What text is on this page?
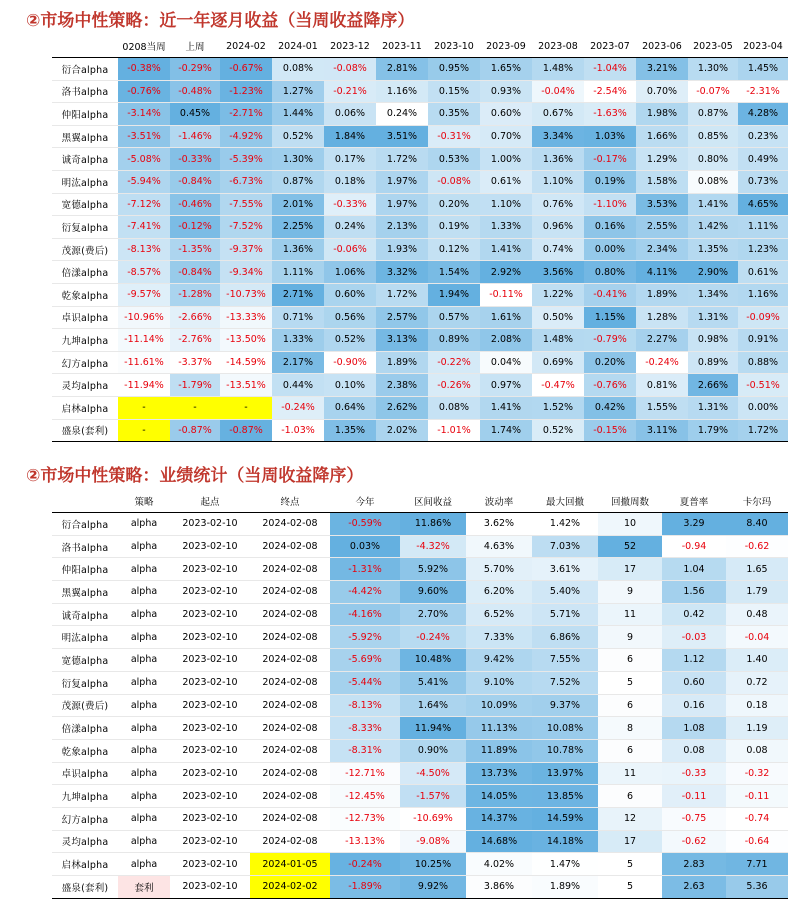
②市场中性策略：近一年逐月收益（当周收益降序）
	0208当周	上周	2024-02	2024-01	2023-12	2023-11	2023-10	2023-09	2023-08	2023-07	2023-06	2023-05	2023-04
衍合alpha	-0.38%	-0.29%	-0.67%	0.08%	-0.08%	2.81%	0.95%	1.65%	1.48%	-1.04%	3.21%	1.30%	1.45%
洛书alpha	-0.76%	-0.48%	-1.23%	1.27%	-0.21%	1.16%	0.15%	0.93%	-0.04%	-2.54%	0.70%	-0.07%	-2.31%
仲阳alpha	-3.14%	0.45%	-2.71%	1.44%	0.06%	0.24%	0.35%	0.60%	0.67%	-1.63%	1.98%	0.87%	4.28%
黑翼alpha	-3.51%	-1.46%	-4.92%	0.52%	1.84%	3.51%	-0.31%	0.70%	3.34%	1.03%	1.66%	0.85%	0.23%
诚奇alpha	-5.08%	-0.33%	-5.39%	1.30%	0.17%	1.72%	0.53%	1.00%	1.36%	-0.17%	1.29%	0.80%	0.49%
明汯alpha	-5.94%	-0.84%	-6.73%	0.87%	0.18%	1.97%	-0.08%	0.61%	1.10%	0.19%	1.58%	0.08%	0.73%
宽德alpha	-7.12%	-0.46%	-7.55%	2.01%	-0.33%	1.97%	0.20%	1.10%	0.76%	-1.10%	3.53%	1.41%	4.65%
衍复alpha	-7.41%	-0.12%	-7.52%	2.25%	0.24%	2.13%	0.19%	1.33%	0.96%	0.16%	2.55%	1.42%	1.11%
茂源(费后)	-8.13%	-1.35%	-9.37%	1.36%	-0.06%	1.93%	0.12%	1.41%	0.74%	0.00%	2.34%	1.35%	1.23%
倍漾alpha	-8.57%	-0.84%	-9.34%	1.11%	1.06%	3.32%	1.54%	2.92%	3.56%	0.80%	4.11%	2.90%	0.61%
乾象alpha	-9.57%	-1.28%	-10.73%	2.71%	0.60%	1.72%	1.94%	-0.11%	1.22%	-0.41%	1.89%	1.34%	1.16%
卓识alpha	-10.96%	-2.66%	-13.33%	0.71%	0.56%	2.57%	0.57%	1.61%	0.50%	1.15%	1.28%	1.31%	-0.09%
九坤alpha	-11.14%	-2.76%	-13.50%	1.33%	0.52%	3.13%	0.89%	2.08%	1.48%	-0.79%	2.27%	0.98%	0.91%
幻方alpha	-11.61%	-3.37%	-14.59%	2.17%	-0.90%	1.89%	-0.22%	0.04%	0.69%	0.20%	-0.24%	0.89%	0.88%
灵均alpha	-11.94%	-1.79%	-13.51%	0.44%	0.10%	2.38%	-0.26%	0.97%	-0.47%	-0.76%	0.81%	2.66%	-0.51%
启林alpha	-	-	-	-0.24%	0.64%	2.62%	0.08%	1.41%	1.52%	0.42%	1.55%	1.31%	0.00%
盛泉(套利)	-	-0.87%	-0.87%	-1.03%	1.35%	2.02%	-1.01%	1.74%	0.52%	-0.15%	3.11%	1.79%	1.72%
②市场中性策略：业绩统计（当周收益降序）
	策略	起点	终点	今年	区间收益	波动率	最大回撤	回撤周数	夏普率	卡尔玛
衍合alpha	alpha	2023-02-10	2024-02-08	-0.59%	11.86%	3.62%	1.42%	10	3.29	8.40
洛书alpha	alpha	2023-02-10	2024-02-08	0.03%	-4.32%	4.63%	7.03%	52	-0.94	-0.62
仲阳alpha	alpha	2023-02-10	2024-02-08	-1.31%	5.92%	5.70%	3.61%	17	1.04	1.65
黑翼alpha	alpha	2023-02-10	2024-02-08	-4.42%	9.60%	6.20%	5.40%	9	1.56	1.79
诚奇alpha	alpha	2023-02-10	2024-02-08	-4.16%	2.70%	6.52%	5.71%	11	0.42	0.48
明汯alpha	alpha	2023-02-10	2024-02-08	-5.92%	-0.24%	7.33%	6.86%	9	-0.03	-0.04
宽德alpha	alpha	2023-02-10	2024-02-08	-5.69%	10.48%	9.42%	7.55%	6	1.12	1.40
衍复alpha	alpha	2023-02-10	2024-02-08	-5.44%	5.41%	9.10%	7.52%	5	0.60	0.72
茂源(费后)	alpha	2023-02-10	2024-02-08	-8.13%	1.64%	10.09%	9.37%	6	0.16	0.18
倍漾alpha	alpha	2023-02-10	2024-02-08	-8.33%	11.94%	11.13%	10.08%	8	1.08	1.19
乾象alpha	alpha	2023-02-10	2024-02-08	-8.31%	0.90%	11.89%	10.78%	6	0.08	0.08
卓识alpha	alpha	2023-02-10	2024-02-08	-12.71%	-4.50%	13.73%	13.97%	11	-0.33	-0.32
九坤alpha	alpha	2023-02-10	2024-02-08	-12.45%	-1.57%	14.05%	13.85%	6	-0.11	-0.11
幻方alpha	alpha	2023-02-10	2024-02-08	-12.73%	-10.69%	14.37%	14.59%	12	-0.75	-0.74
灵均alpha	alpha	2023-02-10	2024-02-08	-13.13%	-9.08%	14.68%	14.18%	17	-0.62	-0.64
启林alpha	alpha	2023-02-10	2024-01-05	-0.24%	10.25%	4.02%	1.47%	5	2.83	7.71
盛泉(套利)	套利	2023-02-10	2024-02-02	-1.89%	9.92%	3.86%	1.89%	5	2.63	5.36
